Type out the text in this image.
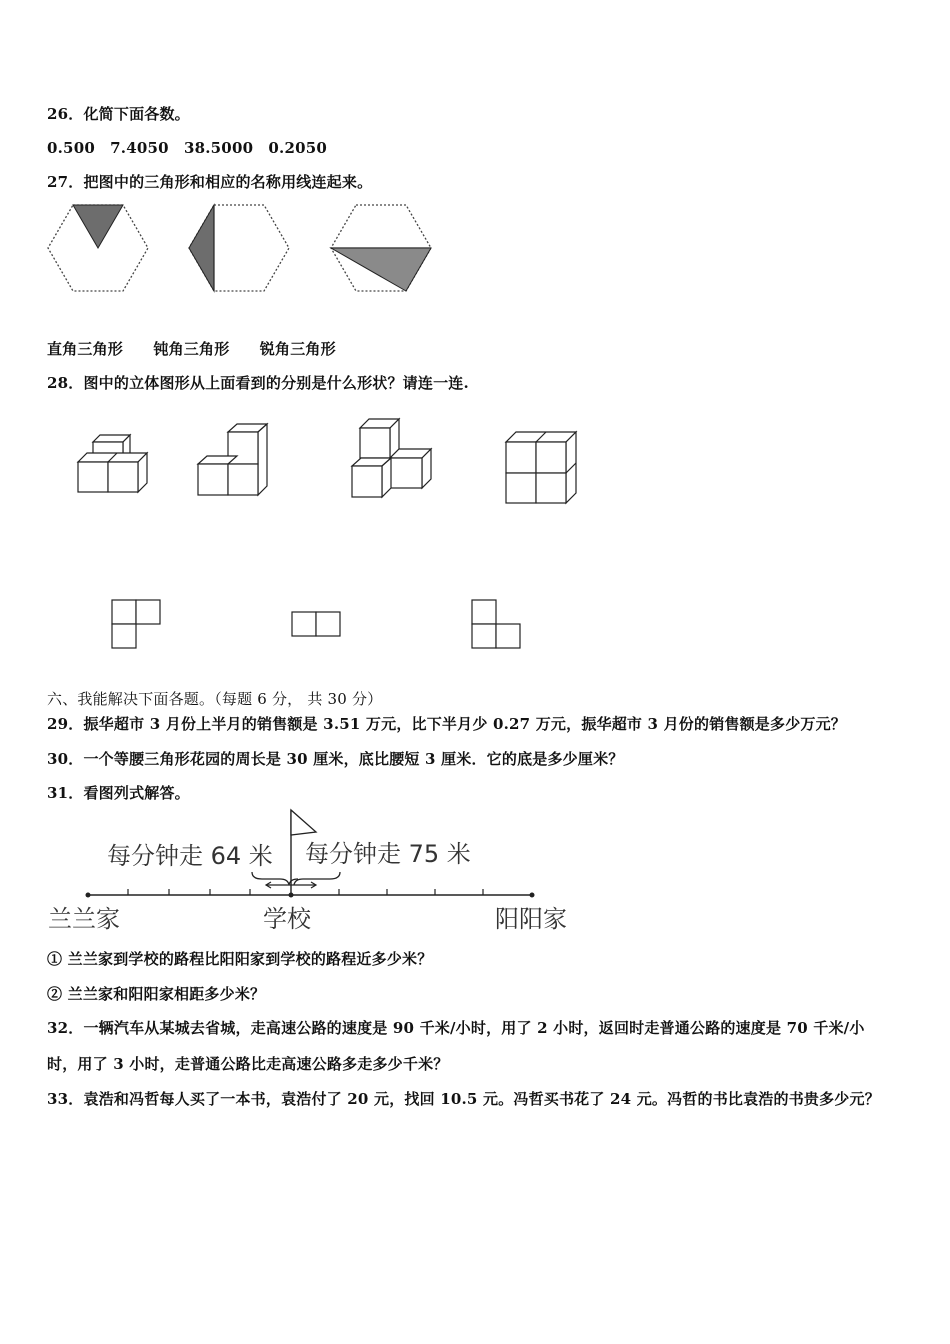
26．化简下面各数。
0.500　7.4050　38.5000　0.2050
27．把图中的三角形和相应的名称用线连起来。
直角三角形　　钝角三角形　　锐角三角形
28．图中的立体图形从上面看到的分别是什么形状？请连一连.
六、我能解决下面各题。（每题 6 分， 共 30 分）
29．振华超市 3 月份上半月的销售额是 3.51 万元，比下半月少 0.27 万元，振华超市 3 月份的销售额是多少万元？
30．一个等腰三角形花园的周长是 30 厘米，底比腰短 3 厘米．它的底是多少厘米？
31．看图列式解答。
每分钟走 64 米 每分钟走 75 米
兰兰家	学校	阳阳家
① 兰兰家到学校的路程比阳阳家到学校的路程近多少米？
② 兰兰家和阳阳家相距多少米？
32．一辆汽车从某城去省城，走高速公路的速度是 90 千米/小时，用了 2 小时，返回时走普通公路的速度是 70 千米/小
时，用了 3 小时，走普通公路比走高速公路多走多少千米？
33．袁浩和冯哲每人买了一本书，袁浩付了 20 元，找回 10.5 元。冯哲买书花了 24 元。冯哲的书比袁浩的书贵多少元？
